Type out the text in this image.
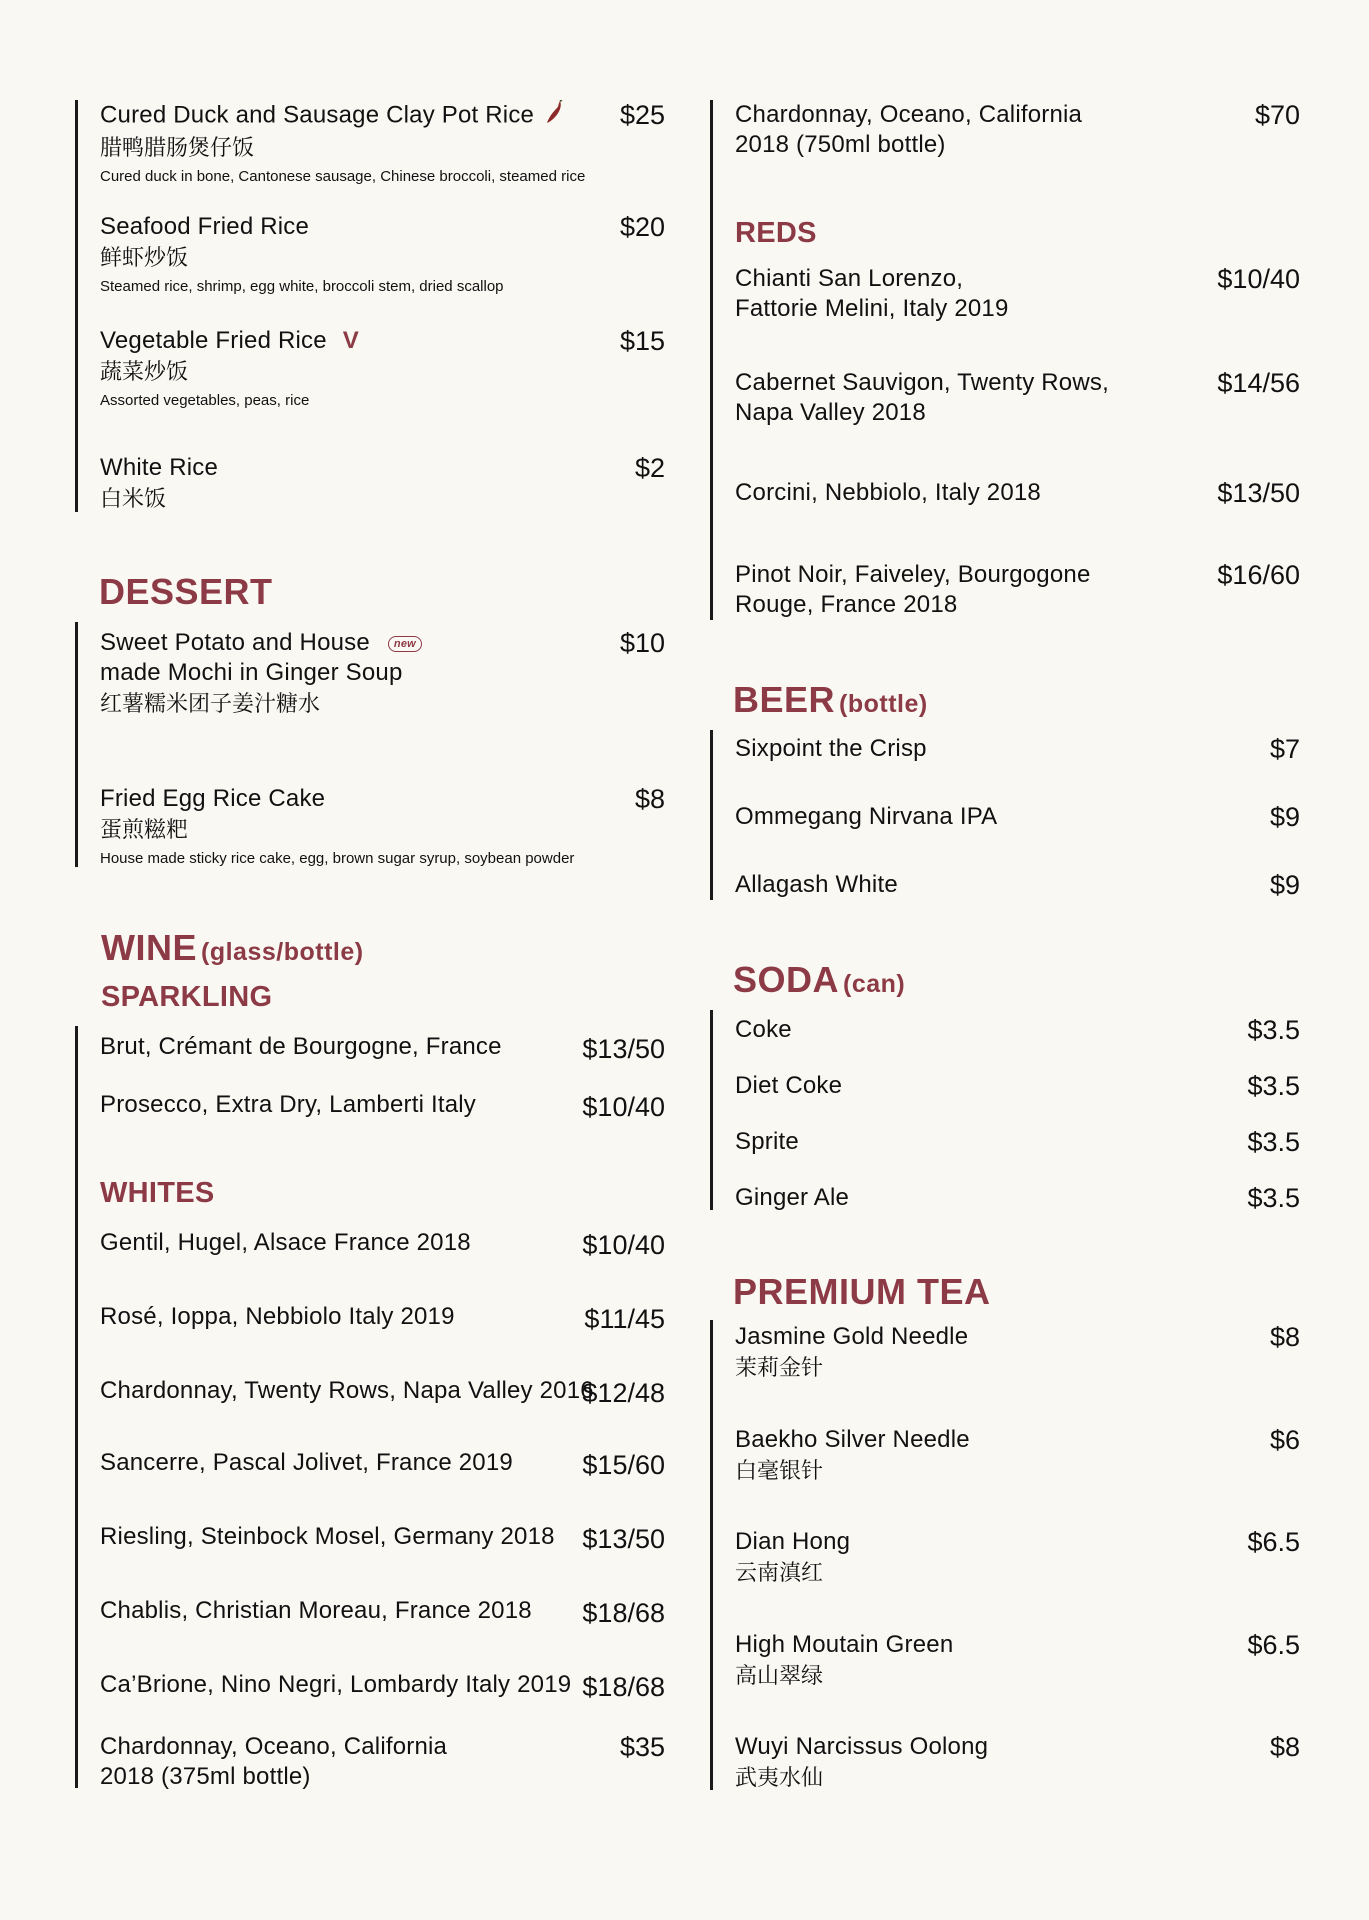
Cured Duck and Sausage Clay Pot Rice
腊鸭腊肠煲仔饭
Cured duck in bone, Cantonese sausage, Chinese broccoli, steamed rice
$25
Seafood Fried Rice
鲜虾炒饭
Steamed rice, shrimp, egg white, broccoli stem, dried scallop
$20
Vegetable Fried Rice V
蔬菜炒饭
Assorted vegetables, peas, rice
$15
White Rice
白米饭
$2
DESSERT
Sweet Potato and House new
made Mochi in Ginger Soup
红薯糯米团子姜汁糖水
$10
Fried Egg Rice Cake
蛋煎糍粑
House made sticky rice cake, egg, brown sugar syrup, soybean powder
$8
WINE (glass/bottle)
SPARKLING
Brut, Crémant de Bourgogne, France	$13/50
Prosecco, Extra Dry, Lamberti Italy	$10/40
WHITES
Gentil, Hugel, Alsace France 2018	$10/40
Rosé, Ioppa, Nebbiolo Italy 2019	$11/45
Chardonnay, Twenty Rows, Napa Valley 2016
$12/48
Sancerre, Pascal Jolivet, France 2019	$15/60
Riesling, Steinbock Mosel, Germany 2018	$13/50
Chablis, Christian Moreau, France 2018	$18/68
Ca’Brione, Nino Negri, Lombardy Italy 2019 $18/68
Chardonnay, Oceano, California
2018 (375ml bottle)
$35
Chardonnay, Oceano, California
2018 (750ml bottle)
$70
REDS
Chianti San Lorenzo,
Fattorie Melini, Italy 2019
$10/40
Cabernet Sauvigon, Twenty Rows,
Napa Valley 2018
$14/56
Corcini, Nebbiolo, Italy 2018	$13/50
Pinot Noir, Faiveley, Bourgogone
Rouge, France 2018
$16/60
BEER (bottle)
Sixpoint the Crisp	$7
Ommegang Nirvana IPA	$9
Allagash White	$9
SODA (can)
Coke	$3.5
Diet Coke	$3.5
Sprite	$3.5
Ginger Ale	$3.5
PREMIUM TEA
Jasmine Gold Needle
茉莉金针
$8
Baekho Silver Needle
白毫银针
$6
Dian Hong
云南滇红
$6.5
High Moutain Green
高山翠绿
$6.5
Wuyi Narcissus Oolong
武夷水仙
$8
